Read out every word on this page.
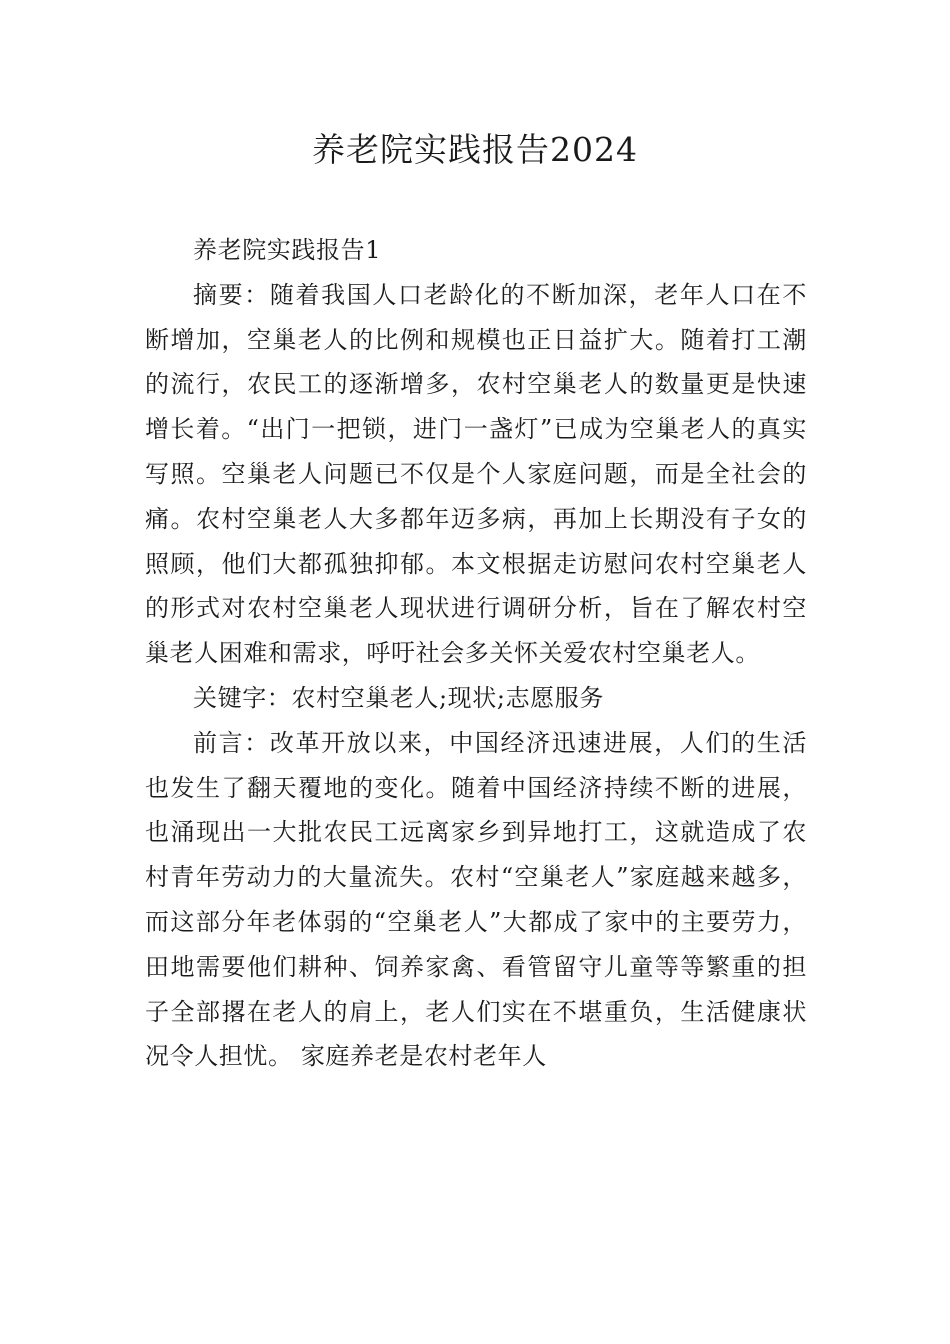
养老院实践报告2024

养老院实践报告1

摘要：随着我国人口老龄化的不断加深，老年人口在不断增加，空巢老人的比例和规模也正日益扩大。随着打工潮的流行，农民工的逐渐增多，农村空巢老人的数量更是快速增长着。“出门一把锁，进门一盏灯”已成为空巢老人的真实写照。空巢老人问题已不仅是个人家庭问题，而是全社会的痛。农村空巢老人大多都年迈多病，再加上长期没有子女的照顾，他们大都孤独抑郁。本文根据走访慰问农村空巢老人的形式对农村空巢老人现状进行调研分析，旨在了解农村空巢老人困难和需求，呼吁社会多关怀关爱农村空巢老人。

关键字：农村空巢老人;现状;志愿服务

前言：改革开放以来，中国经济迅速进展，人们的生活也发生了翻天覆地的变化。随着中国经济持续不断的进展，也涌现出一大批农民工远离家乡到异地打工，这就造成了农村青年劳动力的大量流失。农村“空巢老人”家庭越来越多，而这部分年老体弱的“空巢老人”大都成了家中的主要劳力，田地需要他们耕种、饲养家禽、看管留守儿童等等繁重的担子全部撂在老人的肩上，老人们实在不堪重负，生活健康状况令人担忧。 家庭养老是农村老年人
